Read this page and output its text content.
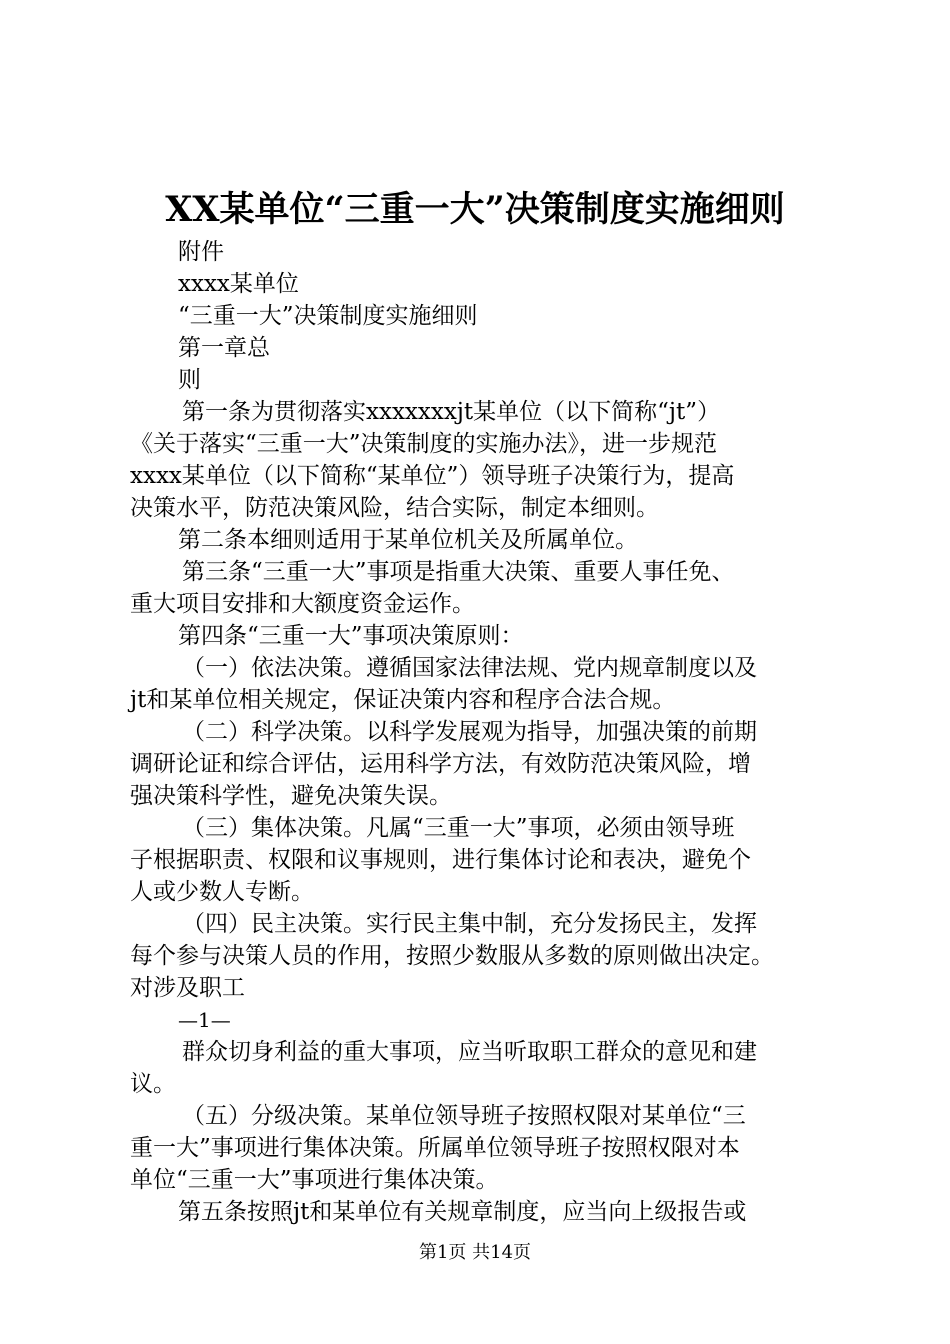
XX某单位“三重一大”决策制度实施细则
附件
xxxx某单位
“三重一大”决策制度实施细则
第一章总
则
第一条为贯彻落实xxxxxxxjt某单位（以下简称“jt”）
《关于落实“三重一大”决策制度的实施办法》，进一步规范
xxxx某单位（以下简称“某单位”）领导班子决策行为，提高
决策水平，防范决策风险，结合实际，制定本细则。
第二条本细则适用于某单位机关及所属单位。
第三条“三重一大”事项是指重大决策、重要人事任免、
重大项目安排和大额度资金运作。
第四条“三重一大”事项决策原则：
（一）依法决策。遵循国家法律法规、党内规章制度以及
jt和某单位相关规定，保证决策内容和程序合法合规。
（二）科学决策。以科学发展观为指导，加强决策的前期
调研论证和综合评估，运用科学方法，有效防范决策风险，增
强决策科学性，避免决策失误。
（三）集体决策。凡属“三重一大”事项，必须由领导班
子根据职责、权限和议事规则，进行集体讨论和表决，避免个
人或少数人专断。
（四）民主决策。实行民主集中制，充分发扬民主，发挥
每个参与决策人员的作用，按照少数服从多数的原则做出决定。
对涉及职工
—1—
群众切身利益的重大事项，应当听取职工群众的意见和建
议。
（五）分级决策。某单位领导班子按照权限对某单位“三
重一大”事项进行集体决策。所属单位领导班子按照权限对本
单位“三重一大”事项进行集体决策。
第五条按照jt和某单位有关规章制度，应当向上级报告或
第1页 共14页
